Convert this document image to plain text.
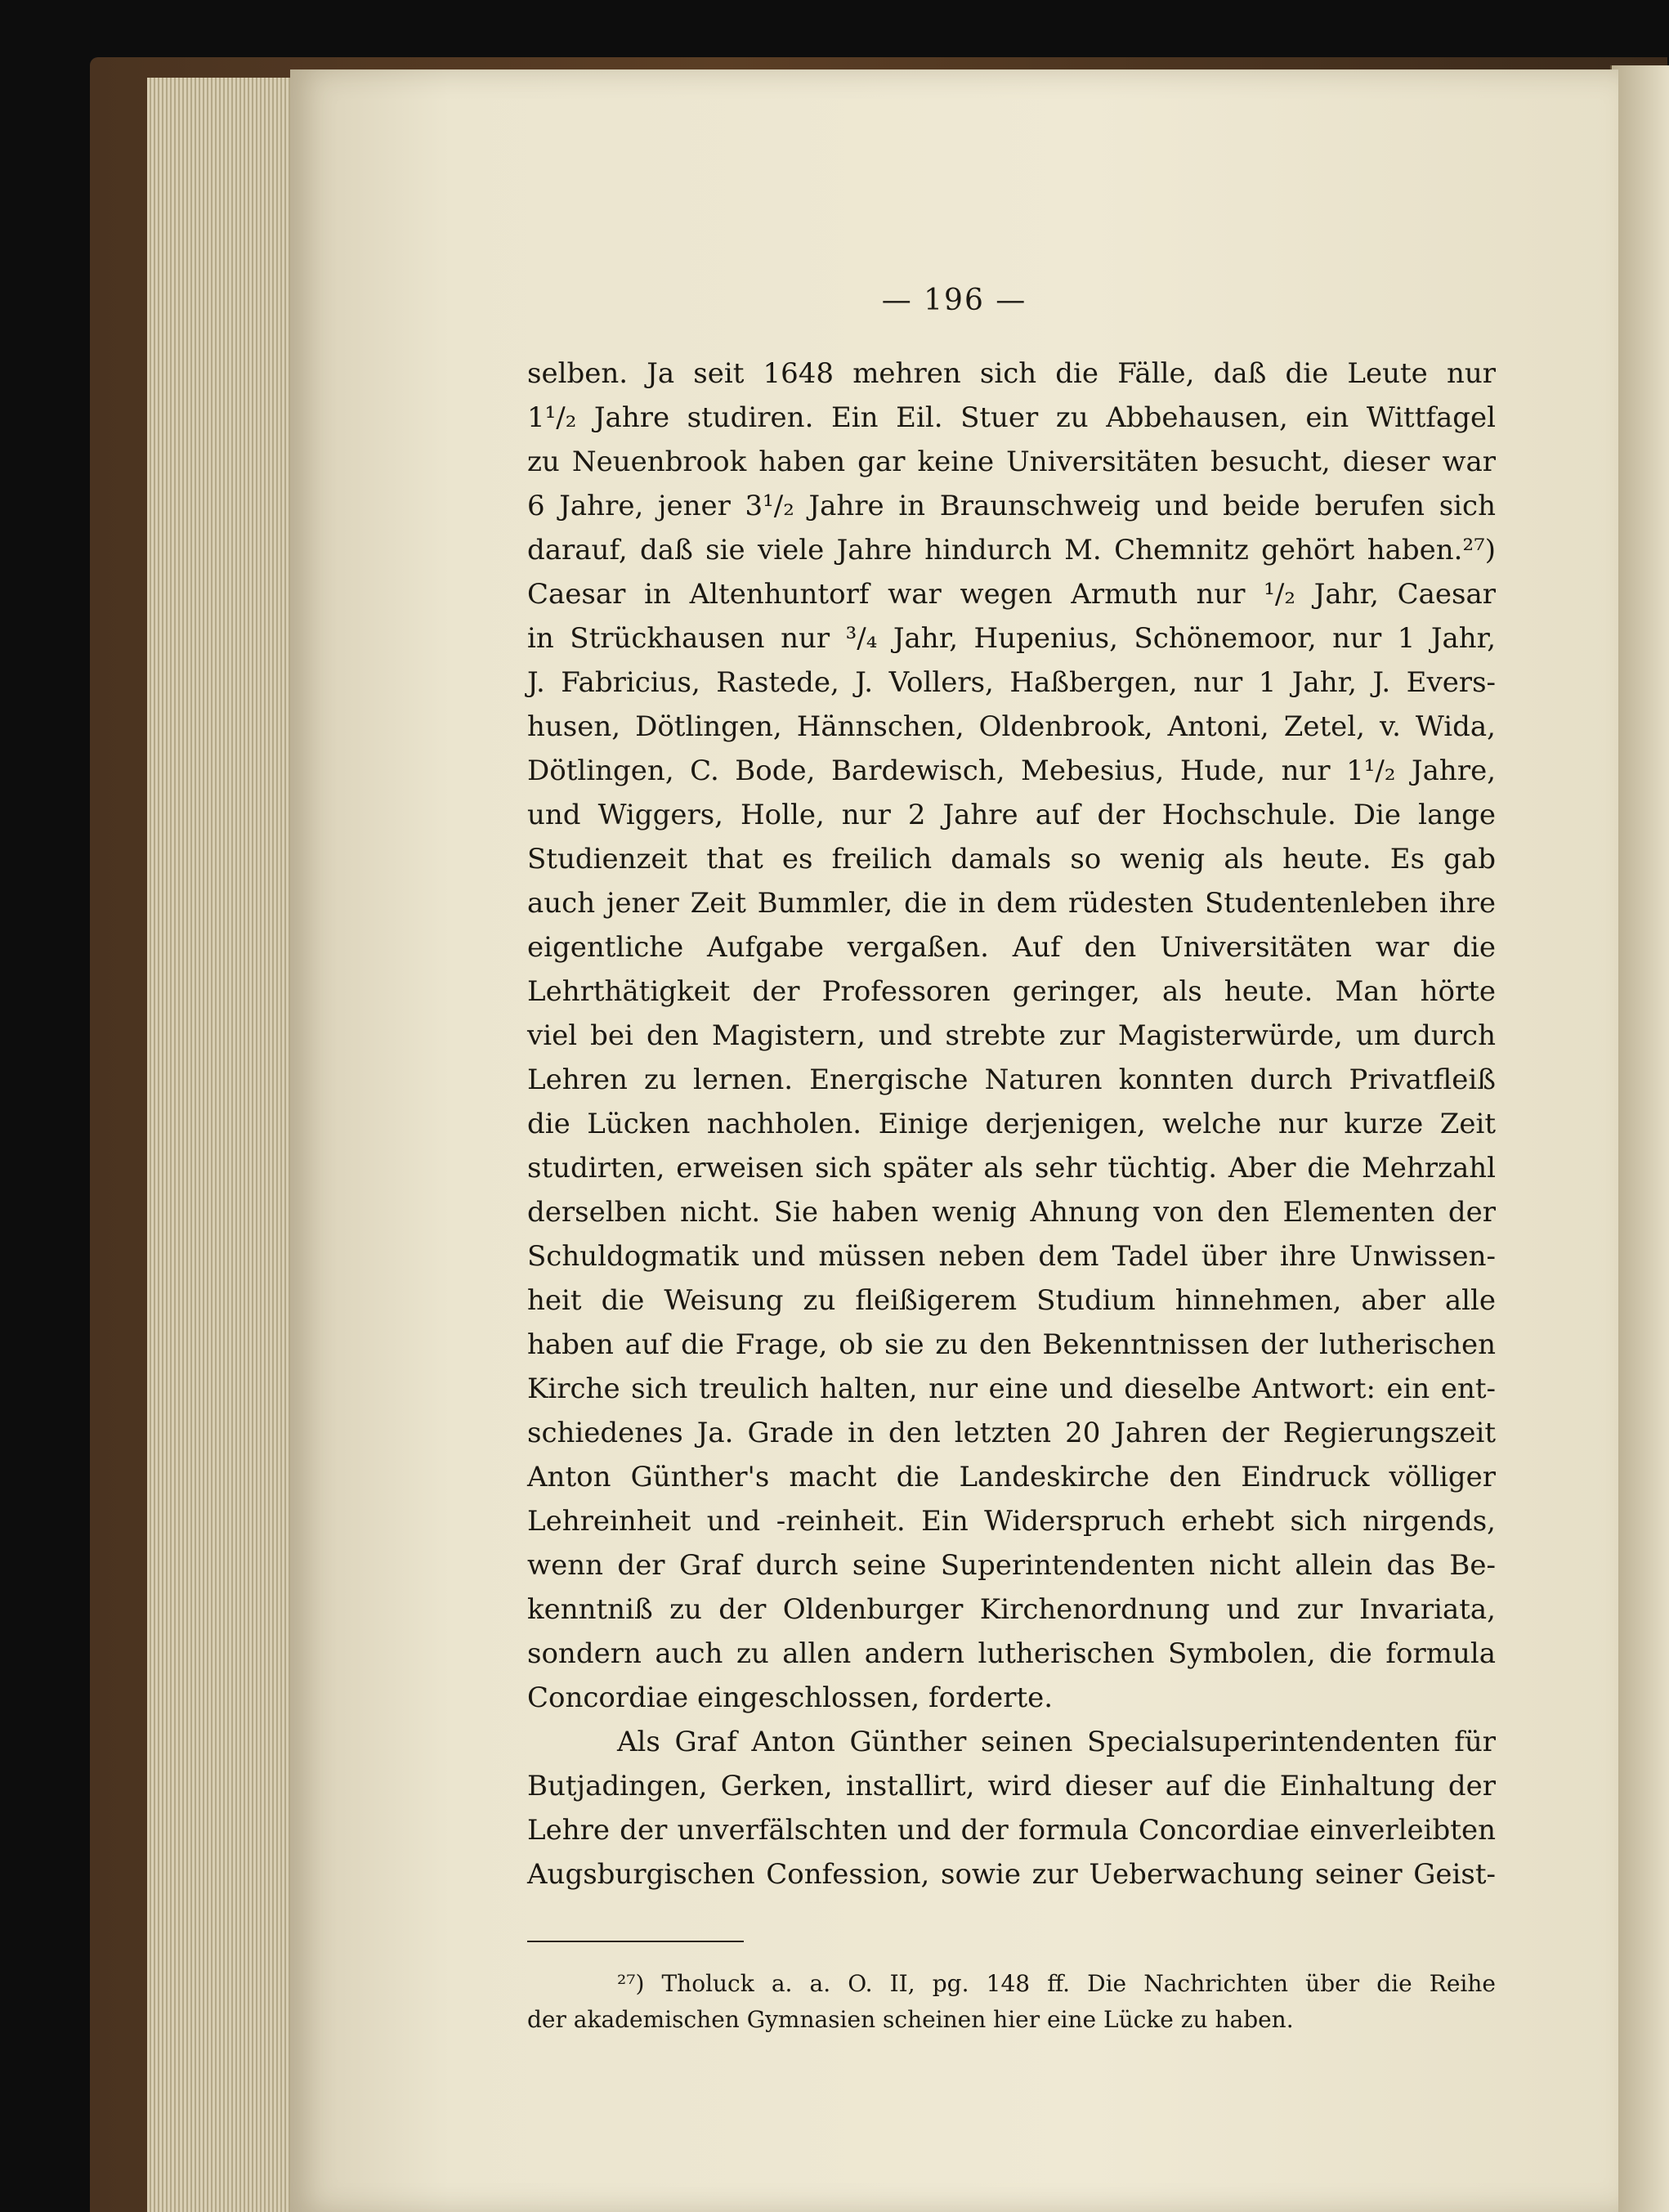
— 196 —
selben. Ja seit 1648 mehren sich die Fälle, daß die Leute nur
1¹/₂ Jahre studiren. Ein Eil. Stuer zu Abbehausen, ein Wittfagel
zu Neuenbrook haben gar keine Universitäten besucht, dieser war
6 Jahre, jener 3¹/₂ Jahre in Braunschweig und beide berufen sich
darauf, daß sie viele Jahre hindurch M. Chemnitz gehört haben.²⁷)
Caesar in Altenhuntorf war wegen Armuth nur ¹/₂ Jahr, Caesar
in Strückhausen nur ³/₄ Jahr, Hupenius, Schönemoor, nur 1 Jahr,
J. Fabricius, Rastede, J. Vollers, Haßbergen, nur 1 Jahr, J. Evers-
husen, Dötlingen, Hännschen, Oldenbrook, Antoni, Zetel, v. Wida,
Dötlingen, C. Bode, Bardewisch, Mebesius, Hude, nur 1¹/₂ Jahre,
und Wiggers, Holle, nur 2 Jahre auf der Hochschule. Die lange
Studienzeit that es freilich damals so wenig als heute. Es gab
auch jener Zeit Bummler, die in dem rüdesten Studentenleben ihre
eigentliche Aufgabe vergaßen. Auf den Universitäten war die
Lehrthätigkeit der Professoren geringer, als heute. Man hörte
viel bei den Magistern, und strebte zur Magisterwürde, um durch
Lehren zu lernen. Energische Naturen konnten durch Privatfleiß
die Lücken nachholen. Einige derjenigen, welche nur kurze Zeit
studirten, erweisen sich später als sehr tüchtig. Aber die Mehrzahl
derselben nicht. Sie haben wenig Ahnung von den Elementen der
Schuldogmatik und müssen neben dem Tadel über ihre Unwissen-
heit die Weisung zu fleißigerem Studium hinnehmen, aber alle
haben auf die Frage, ob sie zu den Bekenntnissen der lutherischen
Kirche sich treulich halten, nur eine und dieselbe Antwort: ein ent-
schiedenes Ja. Grade in den letzten 20 Jahren der Regierungszeit
Anton Günther's macht die Landeskirche den Eindruck völliger
Lehreinheit und -reinheit. Ein Widerspruch erhebt sich nirgends,
wenn der Graf durch seine Superintendenten nicht allein das Be-
kenntniß zu der Oldenburger Kirchenordnung und zur Invariata,
sondern auch zu allen andern lutherischen Symbolen, die formula
Concordiae eingeschlossen, forderte.
Als Graf Anton Günther seinen Specialsuperintendenten für
Butjadingen, Gerken, installirt, wird dieser auf die Einhaltung der
Lehre der unverfälschten und der formula Concordiae einverleibten
Augsburgischen Confession, sowie zur Ueberwachung seiner Geist-
²⁷) Tholuck a. a. O. II, pg. 148 ff. Die Nachrichten über die Reihe
der akademischen Gymnasien scheinen hier eine Lücke zu haben.
